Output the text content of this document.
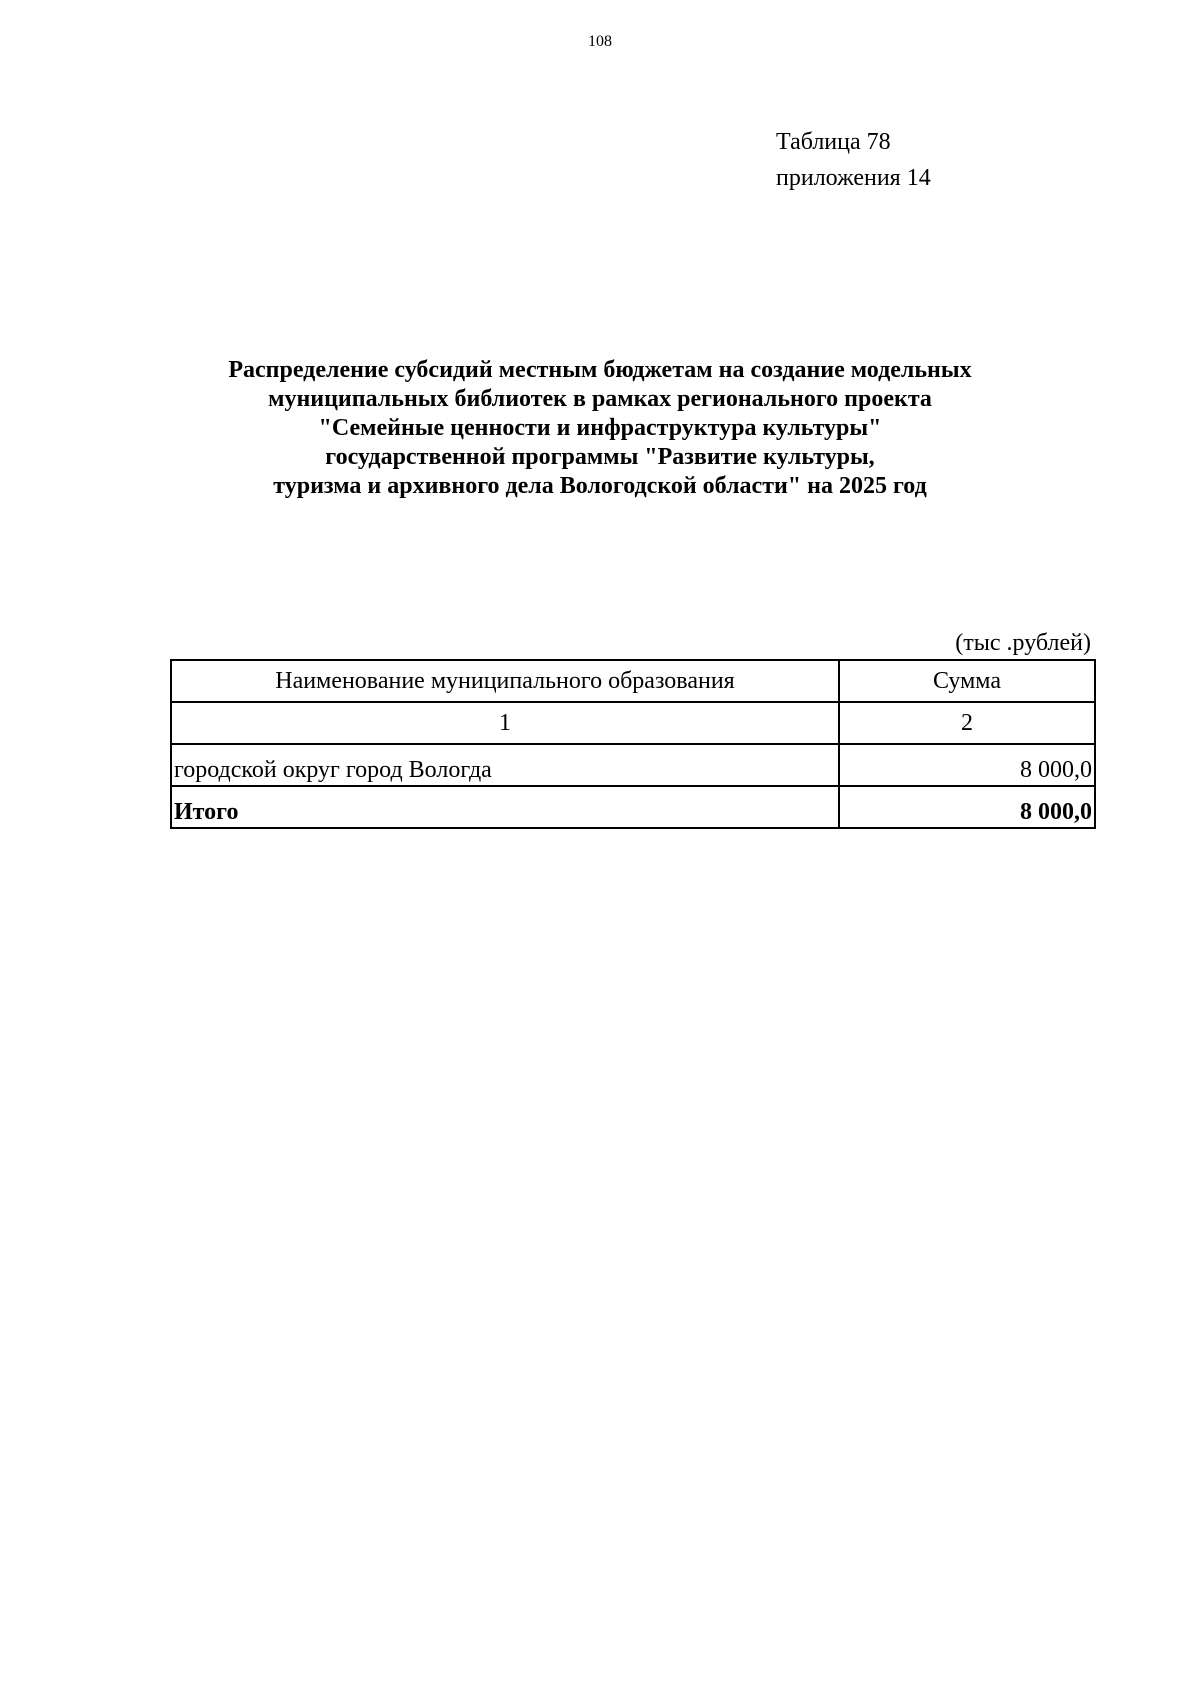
108
Таблица 78
приложения 14
Распределение субсидий местным бюджетам на создание модельных
муниципальных библиотек в рамках регионального проекта
"Семейные ценности и инфраструктура культуры"
государственной программы "Развитие культуры,
туризма и архивного дела Вологодской области" на 2025 год
(тыс .рублей)
Наименование муниципального образования	Сумма
1	2
городской округ город Вологда	8 000,0
Итого	8 000,0
